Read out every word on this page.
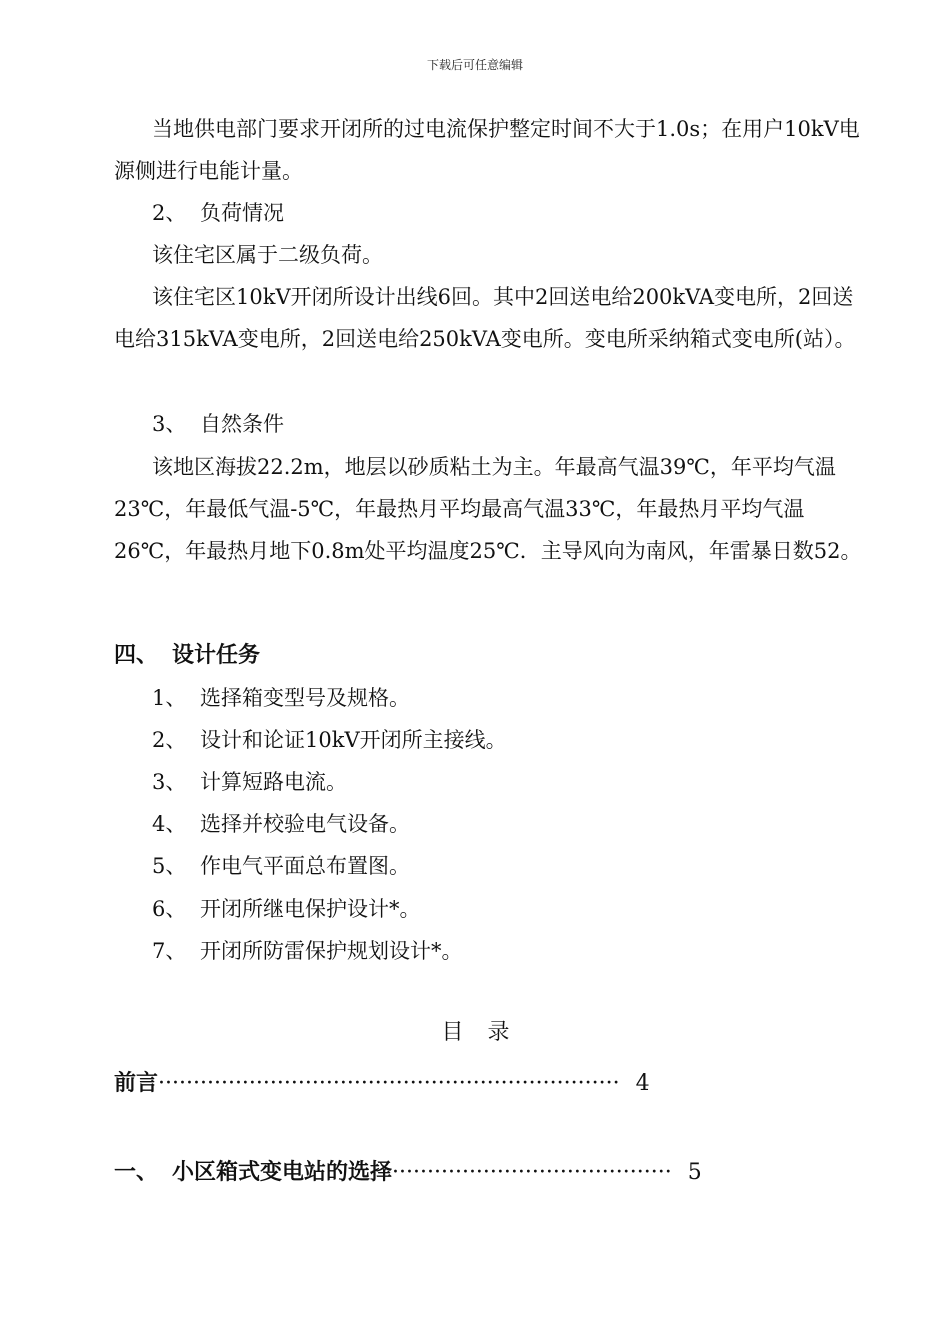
下载后可任意编辑

当地供电部门要求开闭所的过电流保护整定时间不大于1.0s；在用户10kV电源侧进行电能计量。

2、 负荷情况

该住宅区属于二级负荷。

该住宅区10kV开闭所设计出线6回。其中2回送电给200kVA变电所，2回送电给315kVA变电所，2回送电给250kVA变电所。变电所采纳箱式变电所(站）。

3、 自然条件

该地区海拔22.2m，地层以砂质粘土为主。年最高气温39℃，年平均气温23℃，年最低气温-5℃，年最热月平均最高气温33℃，年最热月平均气温26℃，年最热月地下0.8m处平均温度25℃．主导风向为南风，年雷暴日数52。

四、 设计任务
1、 选择箱变型号及规格。
2、 设计和论证10kV开闭所主接线。
3、 计算短路电流。
4、 选择并校验电气设备。
5、 作电气平面总布置图。
6、 开闭所继电保护设计*。
7、 开闭所防雷保护规划设计*。
目录
前言·································································· 4
一、 小区箱式变电站的选择········································ 5
